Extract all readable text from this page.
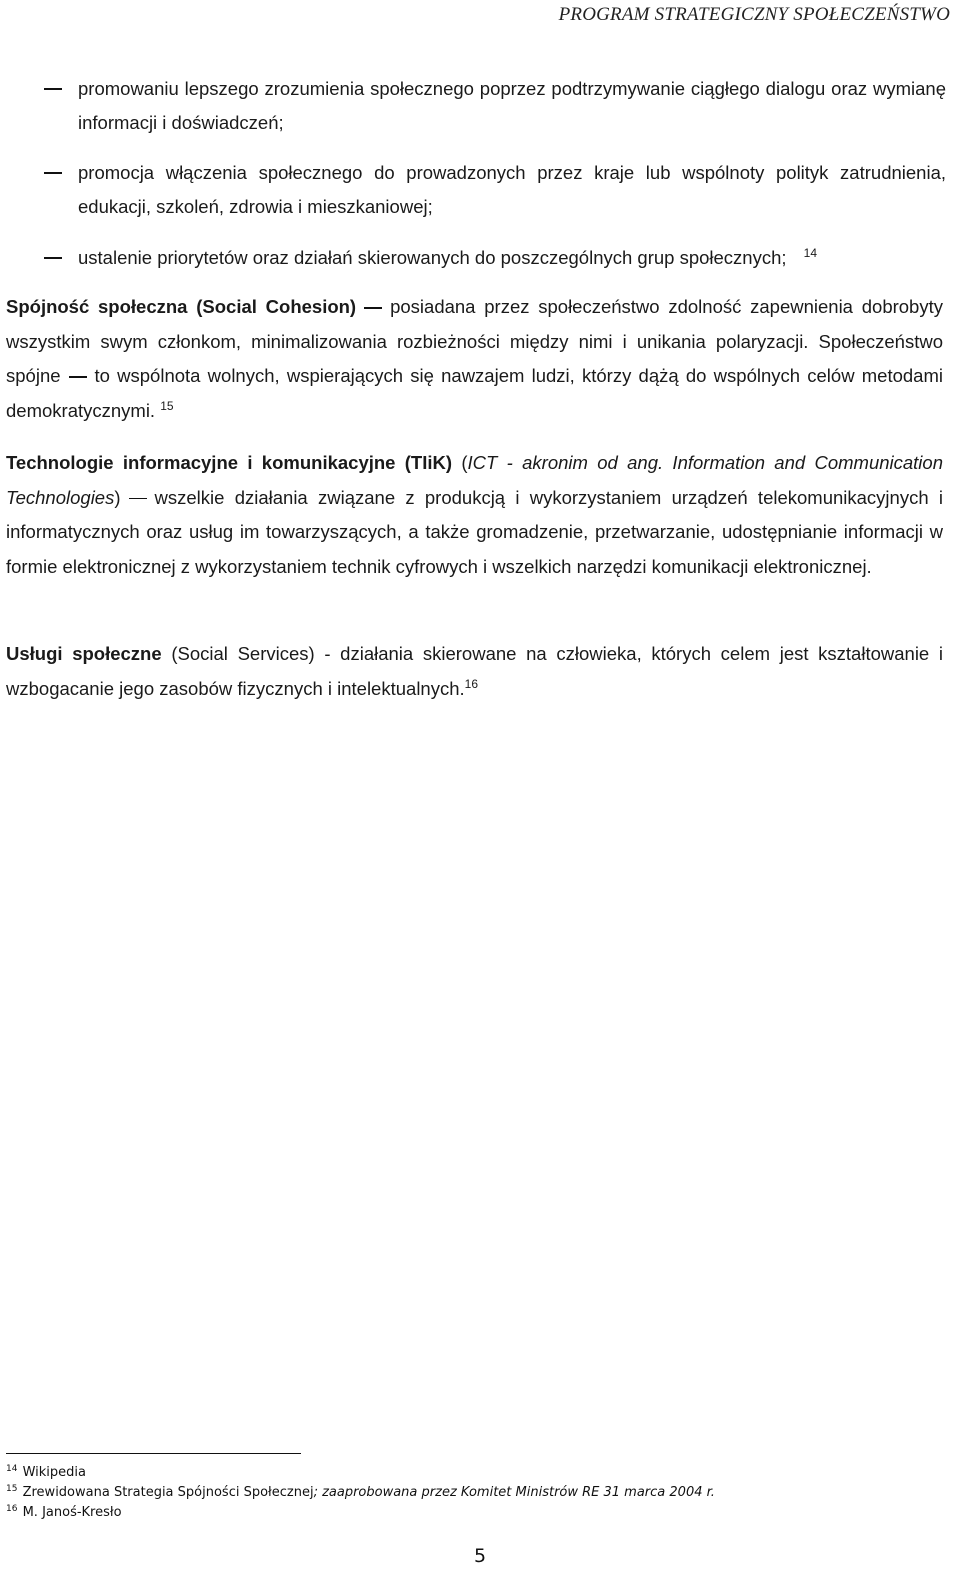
PROGRAM STRATEGICZNY SPOŁECZEŃSTWO
promowaniu lepszego zrozumienia społecznego poprzez podtrzymywanie ciągłego dialogu oraz wymianę informacji i doświadczeń;
promocja włączenia społecznego do prowadzonych przez kraje lub wspólnoty polityk zatrudnienia, edukacji, szkoleń, zdrowia i mieszkaniowej;
ustalenie priorytetów oraz działań skierowanych do poszczególnych grup społecznych; $^{14}$
Spójność społeczna (Social Cohesion) posiadana przez społeczeństwo zdolność zapewnienia dobrobyty wszystkim swym członkom, minimalizowania rozbieżności między nimi i unikania polaryzacji. Społeczeństwo spójne to wspólnota wolnych, wspierających się nawzajem ludzi, którzy dążą do wspólnych celów metodami demokratycznymi. $^{15}$
Technologie informacyjne i komunikacyjne (TIiK) (ICT - akronim od ang. Information and Communication Technologies) wszelkie działania związane z produkcją i wykorzystaniem urządzeń telekomunikacyjnych i informatycznych oraz usług im towarzyszących, a także gromadzenie, przetwarzanie, udostępnianie informacji w formie elektronicznej z wykorzystaniem technik cyfrowych i wszelkich narzędzi komunikacji elektronicznej.
Usługi społeczne (Social Services) - działania skierowane na człowieka, których celem jest kształtowanie i wzbogacanie jego zasobów fizycznych i intelektualnych.$^{16}$
$^{14}$ Wikipedia
$^{15}$ Zrewidowana Strategia Spójności Społecznej; zaaprobowana przez Komitet Ministrów RE 31 marca 2004 r.
$^{16}$ M. Janoś-Kresło
5
